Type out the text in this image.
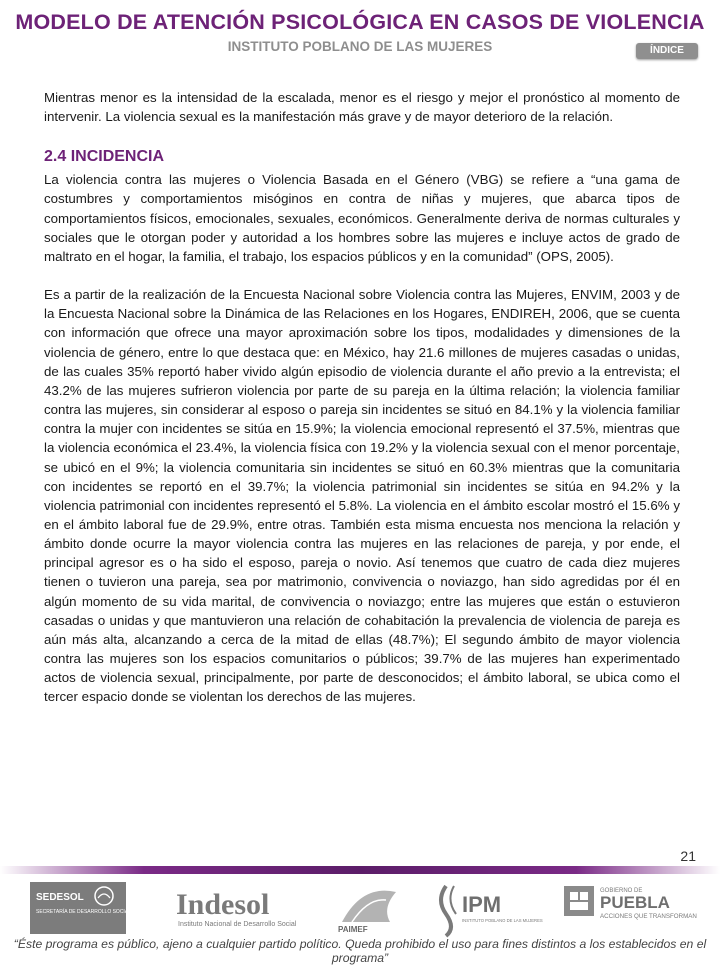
MODELO DE ATENCIÓN PSICOLÓGICA EN CASOS DE VIOLENCIA
INSTITUTO POBLANO DE LAS MUJERES	ÍNDICE

Mientras menor es la intensidad de la escalada, menor es el riesgo y mejor el pronóstico al momento de intervenir. La violencia sexual es la manifestación más grave y de mayor deterioro de la relación.

2.4 INCIDENCIA

La violencia contra las mujeres o Violencia Basada en el Género (VBG) se refiere a “una gama de costumbres y comportamientos misóginos en contra de niñas y mujeres, que abarca tipos de comportamientos físicos, emocionales, sexuales, económicos. Generalmente deriva de normas culturales y sociales que le otorgan poder y autoridad a los hombres sobre las mujeres e incluye actos de grado de maltrato en el hogar, la familia, el trabajo, los espacios públicos y en la comunidad” (OPS, 2005).

Es a partir de la realización de la Encuesta Nacional sobre Violencia contra las Mujeres, ENVIM, 2003 y de la Encuesta Nacional sobre la Dinámica de las Relaciones en los Hogares, ENDIREH, 2006, que se cuenta con información que ofrece una mayor aproximación sobre los tipos, modalidades y dimensiones de la violencia de género, entre lo que destaca que: en México, hay 21.6 millones de mujeres casadas o unidas, de las cuales 35% reportó haber vivido algún episodio de violencia durante el año previo a la entrevista; el 43.2% de las mujeres sufrieron violencia por parte de su pareja en la última relación; la violencia familiar contra las mujeres, sin considerar al esposo o pareja sin incidentes se situó en 84.1% y la violencia familiar contra la mujer con incidentes se sitúa en 15.9%; la violencia emocional representó el 37.5%, mientras que la violencia económica el 23.4%, la violencia física con 19.2% y la violencia sexual con el menor porcentaje, se ubicó en el 9%; la violencia comunitaria sin incidentes se situó en 60.3% mientras que la comunitaria con incidentes se reportó en el 39.7%; la violencia patrimonial sin incidentes se sitúa en 94.2% y la violencia patrimonial con incidentes representó el 5.8%. La violencia en el ámbito escolar mostró el 15.6% y en el ámbito laboral fue de 29.9%, entre otras. También esta misma encuesta nos menciona la relación y ámbito donde ocurre la mayor violencia contra las mujeres en las relaciones de pareja, y por ende, el principal agresor es o ha sido el esposo, pareja o novio. Así tenemos que cuatro de cada diez mujeres tienen o tuvieron una pareja, sea por matrimonio, convivencia o noviazgo, han sido agredidas por él en algún momento de su vida marital, de convivencia o noviazgo; entre las mujeres que están o estuvieron casadas o unidas y que mantuvieron una relación de cohabitación la prevalencia de violencia de pareja es aún más alta, alcanzando a cerca de la mitad de ellas (48.7%); El segundo ámbito de mayor violencia contra las mujeres son los espacios comunitarios o públicos; 39.7% de las mujeres han experimentado actos de violencia sexual, principalmente, por parte de desconocidos; el ámbito laboral, se ubica como el tercer espacio donde se violentan los derechos de las mujeres.

21
SEDESOL
SECRETARÍA DE DESARROLLO SOCIAL Indesol
Instituto Nacional de Desarrollo Social
PAIMEF
IPM
INSTITUTO POBLANO DE LAS MUJERES
GOBIERNO DE
PUEBLA
ACCIONES QUE TRANSFORMAN
“Éste programa es público, ajeno a cualquier partido político. Queda prohibido el uso para fines distintos a los establecidos en el programa”
